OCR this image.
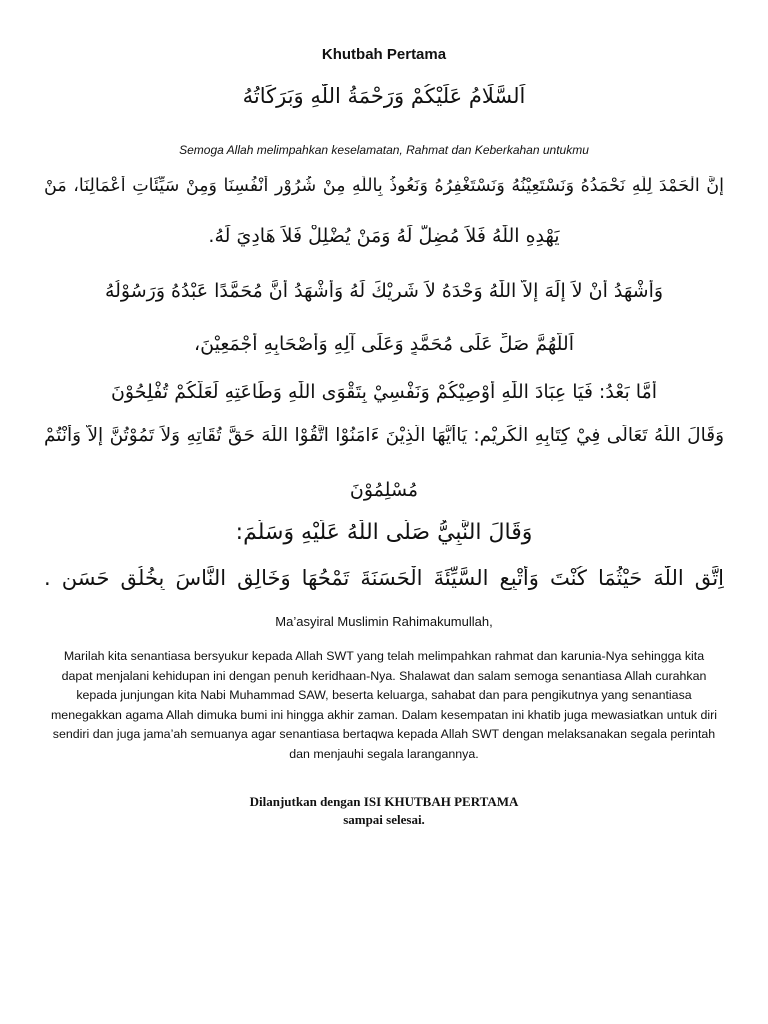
Khutbah Pertama
اَلسَّلَامُ عَلَيْكُمْ وَرَحْمَةُ اللّٰهِ وَبَرَكَاتُهُ
Semoga Allah melimpahkan keselamatan, Rahmat dan Keberkahan untukmu
إِنَّ الْحَمْدَ لِلّٰهِ نَحْمَدُهُ وَنَسْتَعِيْنُهُ وَنَسْتَغْفِرُهُ وَنَعُوذُ بِاللّٰهِ مِنْ شُرُوْرِ أَنْفُسِنَا وَمِنْ سَيِّئَاتِ أَعْمَالِنَا، مَنْ
يَهْدِهِ اللّٰهُ فَلاَ مُضِلَّ لَهُ وَمَنْ يُضْلِلْ فَلاَ هَادِيَ لَهُ.
وَأَشْهَدُ أَنْ لاَ إِلَهَ إِلاَّ اللّٰهُ وَحْدَهُ لاَ شَرِيْكَ لَهُ وَأَشْهَدُ أَنَّ مُحَمَّدًا عَبْدُهُ وَرَسُوْلُهُ
اَللَّهُمَّ صَلِّ عَلَى مُحَمَّدٍ وَعَلَى آلِهِ وَأَصْحَابِهِ أَجْمَعِيْنَ،
أَمَّا بَعْدُ: فَيَا عِبَادَ اللّٰهِ أُوْصِيْكُمْ وَنَفْسِيْ بِتَقْوَى اللّٰهِ وَطَاعَتِهِ لَعَلَّكُمْ تُفْلِحُوْنَ
وَقَالَ اللّٰهُ تَعَالَى فِيْ كِتَابِهِ الْكَرِيْمِ: يَاأَيُّهَا الَّذِيْنَ ءَامَنُوْا اتَّقُوْا اللّٰهَ حَقَّ تُقَاتِهِ وَلاَ تَمُوْتُنَّ إِلاَّ وَأَنْتُمْ
مُسْلِمُوْنَ
وَقَالَ النَّبِيُّ صَلَّى اللّٰهُ عَلَيْهِ وَسَلَّمَ:
اِتَّقِ اللّٰهَ حَيْثُمَا كُنْتَ وَأَتْبِعِ السَّيِّئَةَ الْحَسَنَةَ تَمْحُهَا وَخَالِقِ النَّاسَ بِخُلُقٍ حَسَنٍ .
Ma’asyiral Muslimin Rahimakumullah,
Marilah kita senantiasa bersyukur kepada Allah SWT yang telah melimpahkan rahmat dan karunia-Nya sehingga kita dapat menjalani kehidupan ini dengan penuh keridhaan-Nya. Shalawat dan salam semoga senantiasa Allah curahkan kepada junjungan kita Nabi Muhammad SAW, beserta keluarga, sahabat dan para pengikutnya yang senantiasa menegakkan agama Allah dimuka bumi ini hingga akhir zaman. Dalam kesempatan ini khatib juga mewasiatkan untuk diri sendiri dan juga jama’ah semuanya agar senantiasa bertaqwa kepada Allah SWT dengan melaksanakan segala perintah dan menjauhi segala larangannya.
Dilanjutkan dengan ISI KHUTBAH PERTAMA
sampai selesai.
